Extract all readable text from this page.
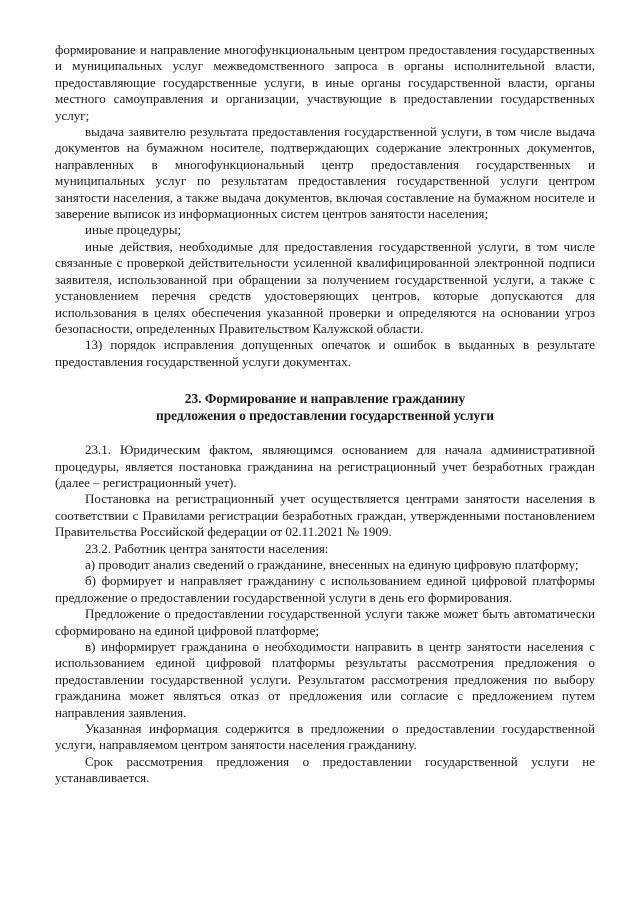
формирование и направление многофункциональным центром предоставления государственных и муниципальных услуг межведомственного запроса в органы исполнительной власти, предоставляющие государственные услуги, в иные органы государственной власти, органы местного самоуправления и организации, участвующие в предоставлении государственных услуг;

выдача заявителю результата предоставления государственной услуги, в том числе выдача документов на бумажном носителе, подтверждающих содержание электронных документов, направленных в многофункциональный центр предоставления государственных и муниципальных услуг по результатам предоставления государственной услуги центром занятости населения, а также выдача документов, включая составление на бумажном носителе и заверение выписок из информационных систем центров занятости населения;

иные процедуры;

иные действия, необходимые для предоставления государственной услуги, в том числе связанные с проверкой действительности усиленной квалифицированной электронной подписи заявителя, использованной при обращении за получением государственной услуги, а также с установлением перечня средств удостоверяющих центров, которые допускаются для использования в целях обеспечения указанной проверки и определяются на основании угроз безопасности, определенных Правительством Калужской области.

13) порядок исправления допущенных опечаток и ошибок в выданных в результате предоставления государственной услуги документах.

23. Формирование и направление гражданину
предложения о предоставлении государственной услуги

23.1. Юридическим фактом, являющимся основанием для начала административной процедуры, является постановка гражданина на регистрационный учет безработных граждан (далее – регистрационный учет).

Постановка на регистрационный учет осуществляется центрами занятости населения в соответствии с Правилами регистрации безработных граждан, утвержденными постановлением Правительства Российской федерации от 02.11.2021 № 1909.

23.2. Работник центра занятости населения:

а) проводит анализ сведений о гражданине, внесенных на единую цифровую платформу;

б) формирует и направляет гражданину с использованием единой цифровой платформы предложение о предоставлении государственной услуги в день его формирования.

Предложение о предоставлении государственной услуги также может быть автоматически сформировано на единой цифровой платформе;

в) информирует гражданина о необходимости направить в центр занятости населения с использованием единой цифровой платформы результаты рассмотрения предложения о предоставлении государственной услуги. Результатом рассмотрения предложения по выбору гражданина может являться отказ от предложения или согласие с предложением путем направления заявления.

Указанная информация содержится в предложении о предоставлении государственной услуги, направляемом центром занятости населения гражданину.

Срок рассмотрения предложения о предоставлении государственной услуги не устанавливается.
